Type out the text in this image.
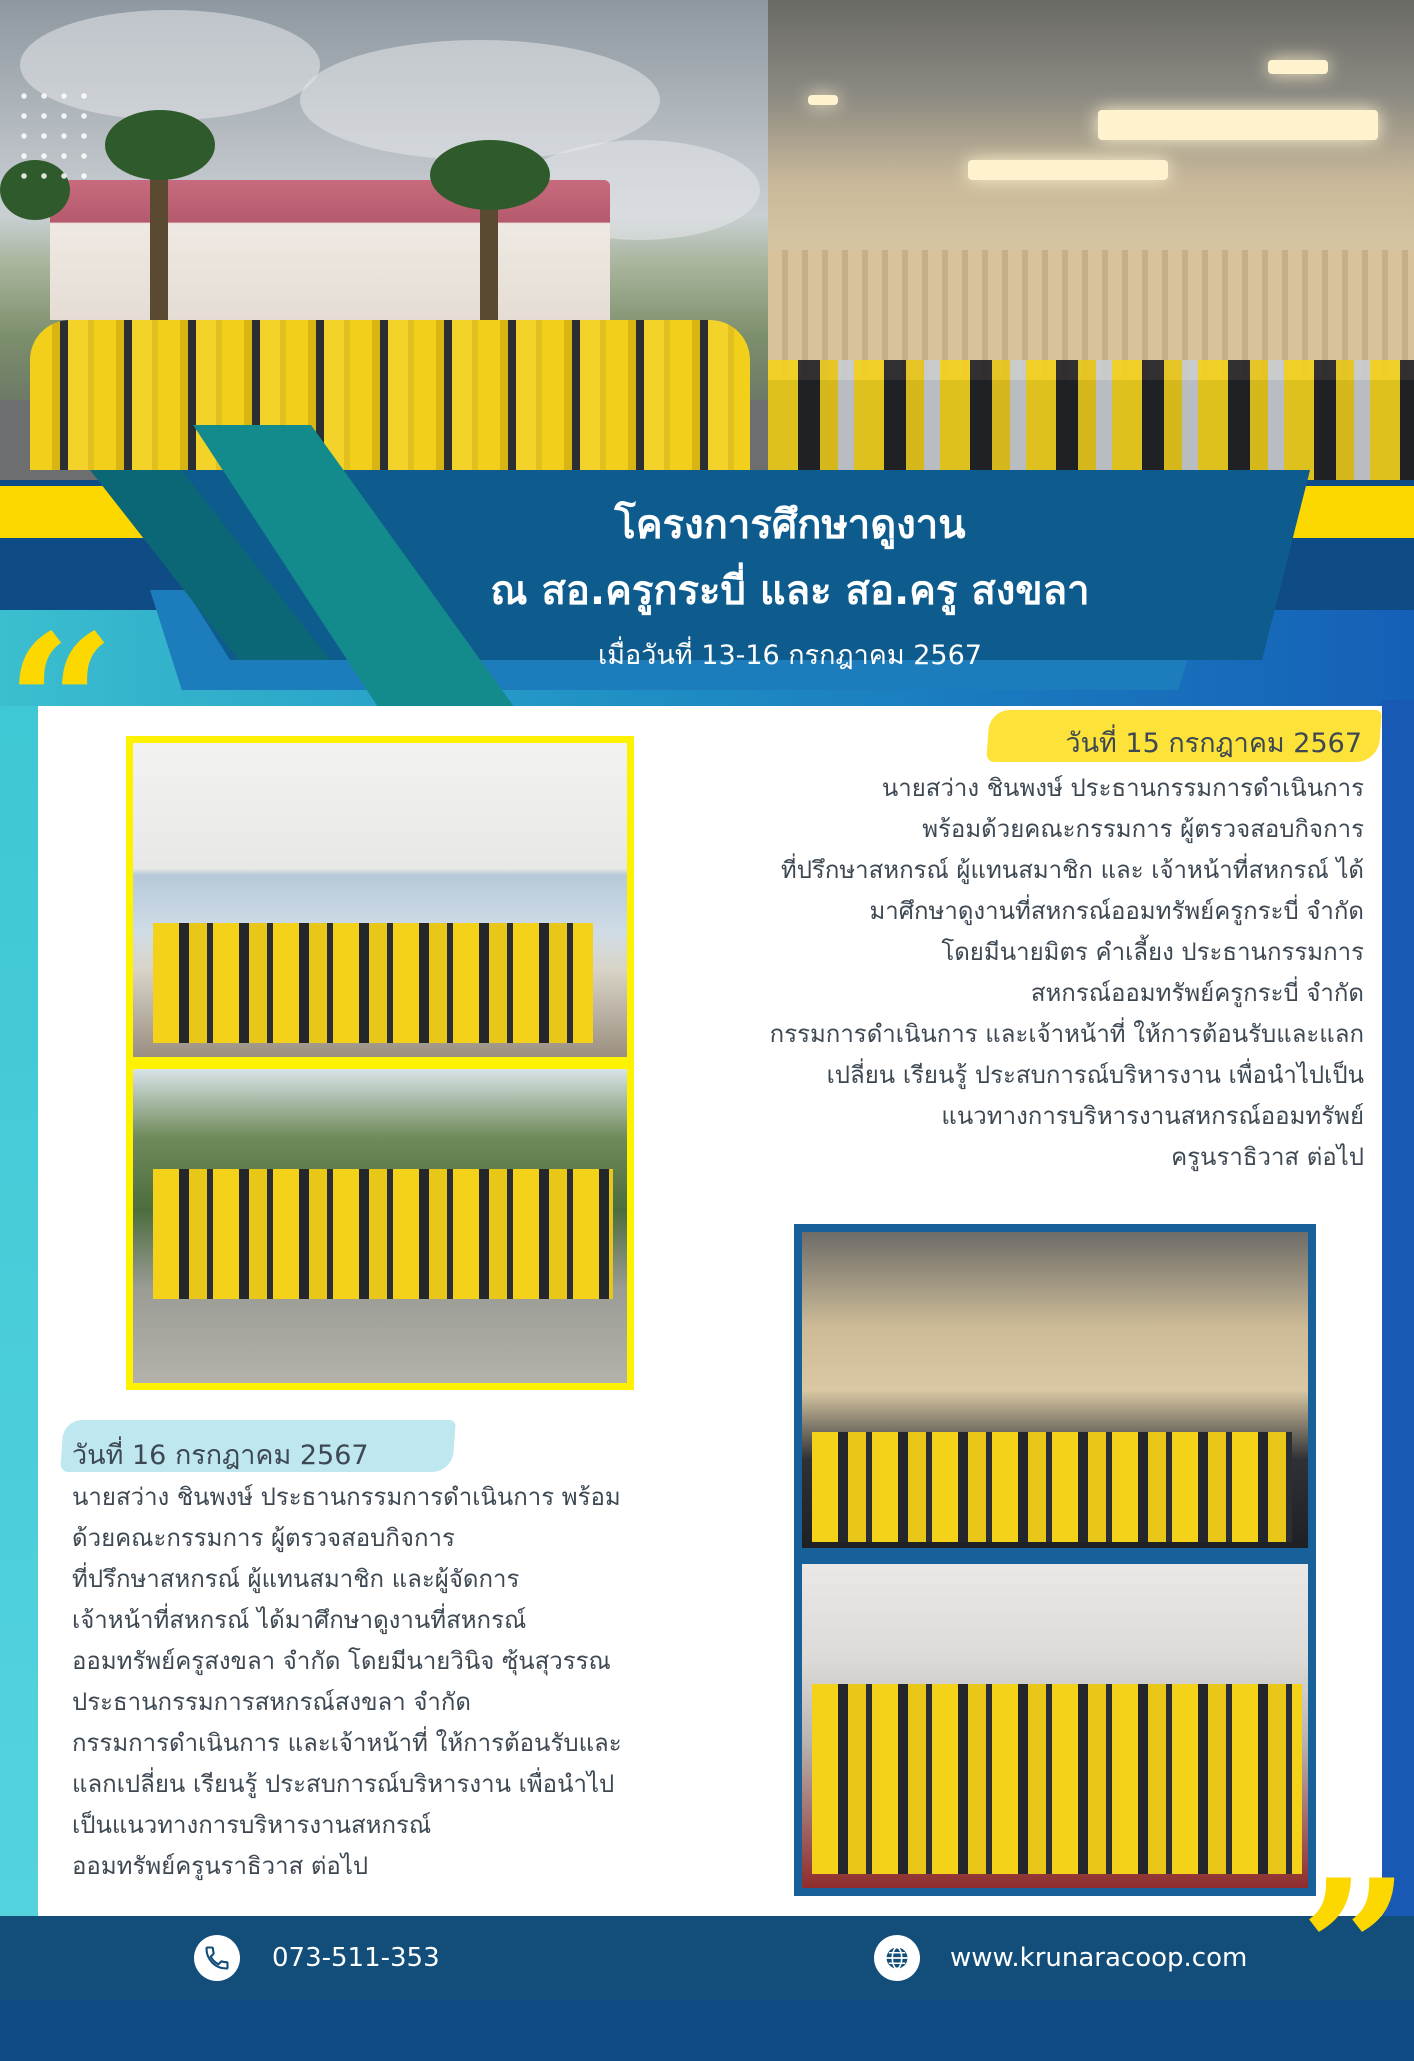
โครงการศึกษาดูงาน
ณ สอ.ครูกระบี่ และ สอ.ครู สงขลา
เมื่อวันที่ 13-16 กรกฎาคม 2567
“	วันที่ 15 กรกฎาคม 2567
นายสว่าง ชินพงษ์ ประธานกรรมการดำเนินการ
พร้อมด้วยคณะกรรมการ ผู้ตรวจสอบกิจการ
ที่ปรึกษาสหกรณ์ ผู้แทนสมาชิก และ เจ้าหน้าที่สหกรณ์ ได้
มาศึกษาดูงานที่สหกรณ์ออมทรัพย์ครูกระบี่ จำกัด
โดยมีนายมิตร คำเลี้ยง ประธานกรรมการ
สหกรณ์ออมทรัพย์ครูกระบี่ จำกัด
กรรมการดำเนินการ และเจ้าหน้าที่ ให้การต้อนรับและแลก
เปลี่ยน เรียนรู้ ประสบการณ์บริหารงาน เพื่อนำไปเป็น
แนวทางการบริหารงานสหกรณ์ออมทรัพย์
ครูนราธิวาส ต่อไป
วันที่ 16 กรกฎาคม 2567
นายสว่าง ชินพงษ์ ประธานกรรมการดำเนินการ พร้อม
ด้วยคณะกรรมการ ผู้ตรวจสอบกิจการ
ที่ปรึกษาสหกรณ์ ผู้แทนสมาชิก และผู้จัดการ
เจ้าหน้าที่สหกรณ์ ได้มาศึกษาดูงานที่สหกรณ์
ออมทรัพย์ครูสงขลา จำกัด โดยมีนายวินิจ ซุ้นสุวรรณ
ประธานกรรมการสหกรณ์สงขลา จำกัด
กรรมการดำเนินการ และเจ้าหน้าที่ ให้การต้อนรับและ
แลกเปลี่ยน เรียนรู้ ประสบการณ์บริหารงาน เพื่อนำไป
เป็นแนวทางการบริหารงานสหกรณ์
ออมทรัพย์ครูนราธิวาส ต่อไป
073-511-353	www.krunaracoop.com ”
